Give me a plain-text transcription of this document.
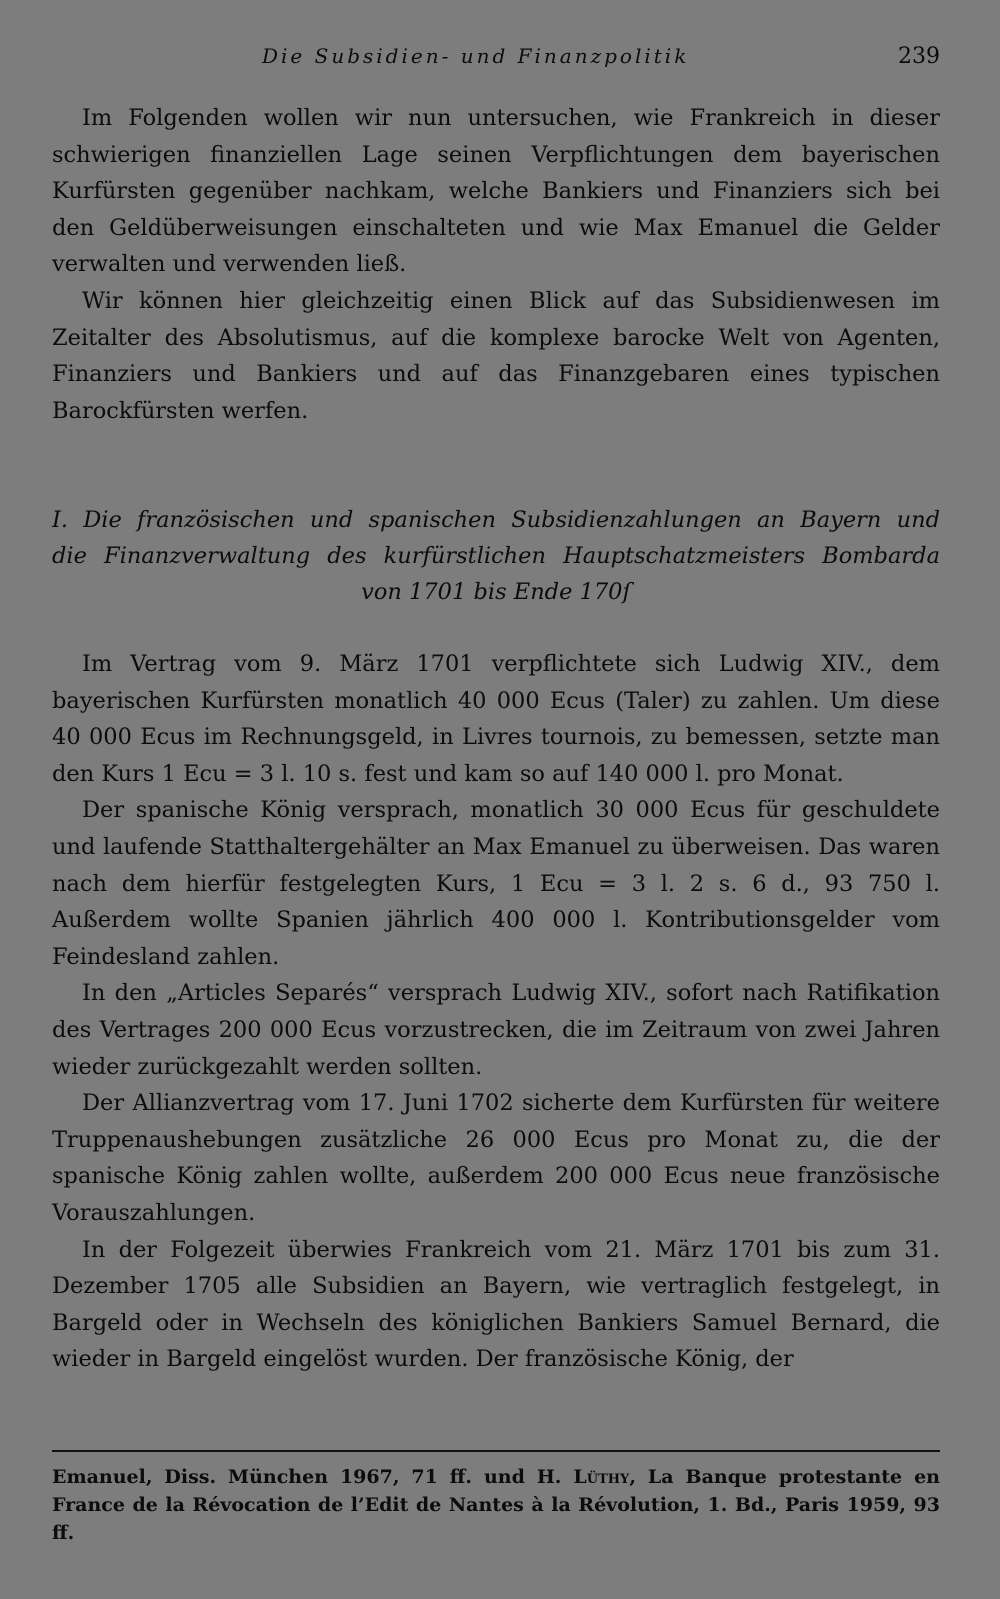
Die Subsidien- und Finanzpolitik	239

Im Folgenden wollen wir nun untersuchen, wie Frankreich in dieser schwierigen finanziellen Lage seinen Verpflichtungen dem bayerischen Kurfürsten gegenüber nachkam, welche Bankiers und Finanziers sich bei den Geldüberweisungen einschalteten und wie Max Emanuel die Gelder verwalten und verwenden ließ.

Wir können hier gleichzeitig einen Blick auf das Subsidienwesen im Zeitalter des Absolutismus, auf die komplexe barocke Welt von Agenten, Finanziers und Bankiers und auf das Finanzgebaren eines typischen Barockfürsten werfen.

I. Die französischen und spanischen Subsidienzahlungen an Bayern und
die Finanzverwaltung des kurfürstlichen Hauptschatzmeisters Bombarda
von 1701 bis Ende 170ſ

Im Vertrag vom 9. März 1701 verpflichtete sich Ludwig XIV., dem bayerischen Kurfürsten monatlich 40 000 Ecus (Taler) zu zahlen. Um diese 40 000 Ecus im Rechnungsgeld, in Livres tournois, zu bemessen, setzte man den Kurs 1 Ecu = 3 l. 10 s. fest und kam so auf 140 000 l. pro Monat.

Der spanische König versprach, monatlich 30 000 Ecus für geschuldete und laufende Statthaltergehälter an Max Emanuel zu überweisen. Das waren nach dem hierfür festgelegten Kurs, 1 Ecu = 3 l. 2 s. 6 d., 93 750 l. Außerdem wollte Spanien jährlich 400 000 l. Kontributionsgelder vom Feindesland zahlen.

In den „Articles Separés“ versprach Ludwig XIV., sofort nach Ratifikation des Vertrages 200 000 Ecus vorzustrecken, die im Zeitraum von zwei Jahren wieder zurückgezahlt werden sollten.

Der Allianzvertrag vom 17. Juni 1702 sicherte dem Kurfürsten für weitere Truppenaushebungen zusätzliche 26 000 Ecus pro Monat zu, die der spanische König zahlen wollte, außerdem 200 000 Ecus neue französische Vorauszahlungen.

In der Folgezeit überwies Frankreich vom 21. März 1701 bis zum 31. Dezember 1705 alle Subsidien an Bayern, wie vertraglich festgelegt, in Bargeld oder in Wechseln des königlichen Bankiers Samuel Bernard, die wieder in Bargeld eingelöst wurden. Der französische König, der

Emanuel, Diss. München 1967, 71 ff. und H. Lüthy, La Banque protestante en France de la Révocation de l’Edit de Nantes à la Révolution, 1. Bd., Paris 1959, 93 ff.
